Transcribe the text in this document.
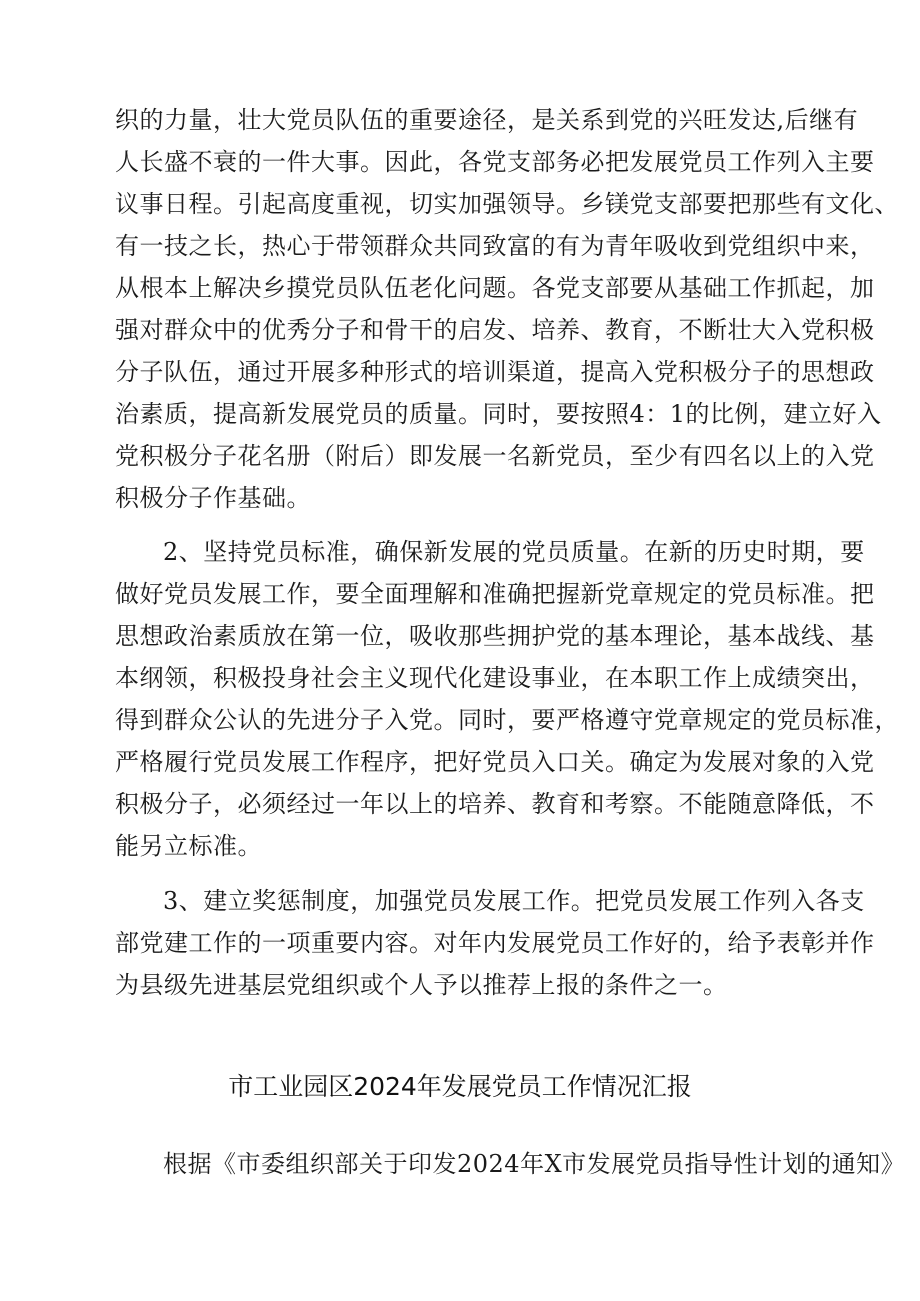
织的力量，壮大党员队伍的重要途径，是关系到党的兴旺发达,后继有
人长盛不衰的一件大事。因此，各党支部务必把发展党员工作列入主要
议事日程。引起高度重视，切实加强领导。乡镁党支部要把那些有文化、
有一技之长，热心于带领群众共同致富的有为青年吸收到党组织中来，
从根本上解决乡摸党员队伍老化问题。各党支部要从基础工作抓起，加
强对群众中的优秀分子和骨干的启发、培养、教育，不断壮大入党积极
分子队伍，通过开展多种形式的培训渠道，提高入党积极分子的思想政
治素质，提高新发展党员的质量。同时，要按照4：1的比例，建立好入
党积极分子花名册（附后）即发展一名新党员，至少有四名以上的入党
积极分子作基础。
2、坚持党员标准，确保新发展的党员质量。在新的历史时期，要
做好党员发展工作，要全面理解和准确把握新党章规定的党员标准。把
思想政治素质放在第一位，吸收那些拥护党的基本理论，基本战线、基
本纲领，积极投身社会主义现代化建设事业，在本职工作上成绩突出，
得到群众公认的先进分子入党。同时，要严格遵守党章规定的党员标准，
严格履行党员发展工作程序，把好党员入口关。确定为发展对象的入党
积极分子，必须经过一年以上的培养、教育和考察。不能随意降低，不
能另立标准。
3、建立奖惩制度，加强党员发展工作。把党员发展工作列入各支
部党建工作的一项重要内容。对年内发展党员工作好的，给予表彰并作
为县级先进基层党组织或个人予以推荐上报的条件之一。
市工业园区2024年发展党员工作情况汇报
根据《市委组织部关于印发2024年X市发展党员指导性计划的通知》
